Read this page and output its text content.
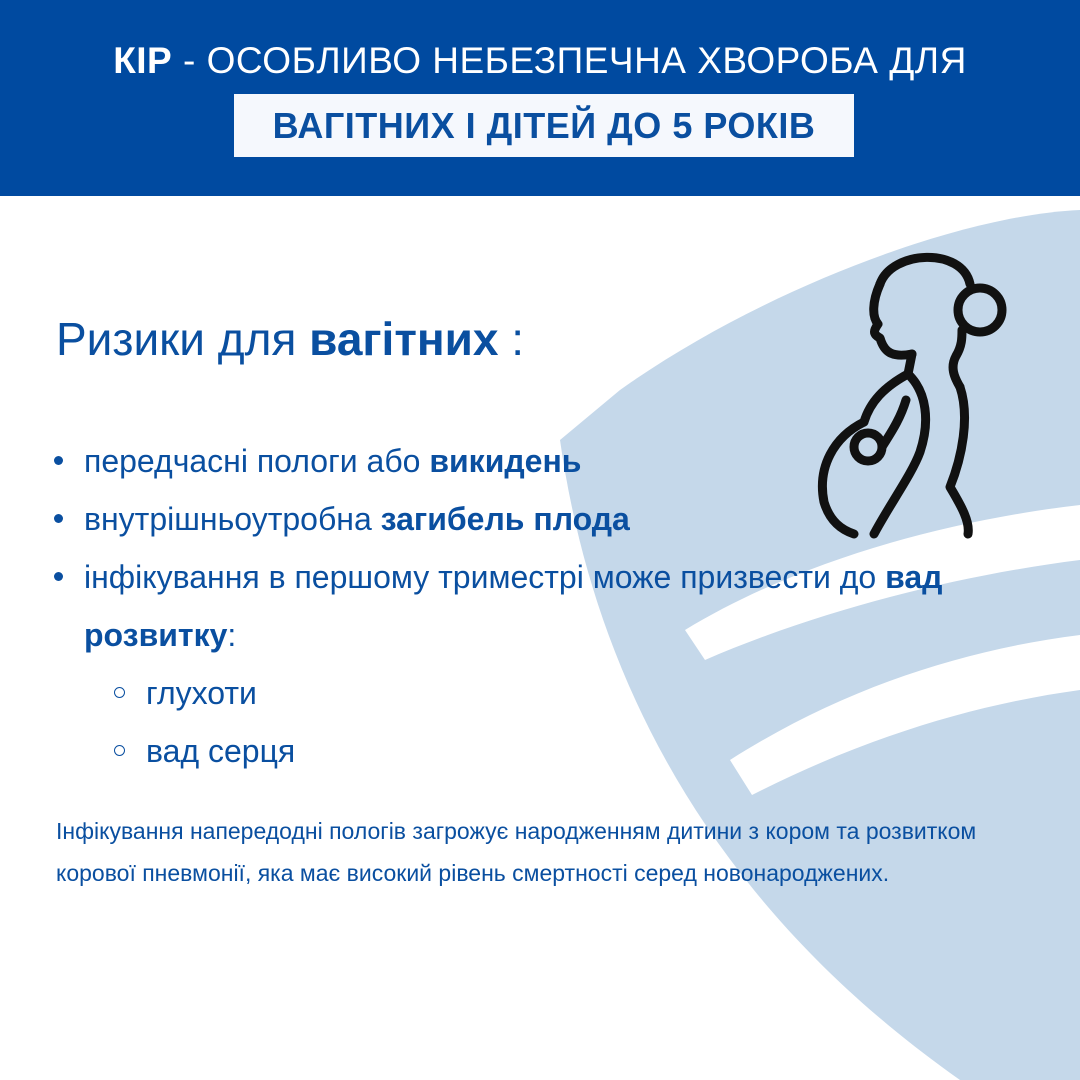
КІР - ОСОБЛИВО НЕБЕЗПЕЧНА ХВОРОБА ДЛЯ
ВАГІТНИХ І ДІТЕЙ ДО 5 РОКІВ
Ризики для вагітних :
передчасні пологи або викидень
внутрішньоутробна загибель плода
інфікування в першому триместрі може призвести до вад розвитку:
глухоти
вад серця
Інфікування напередодні пологів загрожує народженням дитини з кором та розвитком корової пневмонії, яка має високий рівень смертності серед новонароджених.
